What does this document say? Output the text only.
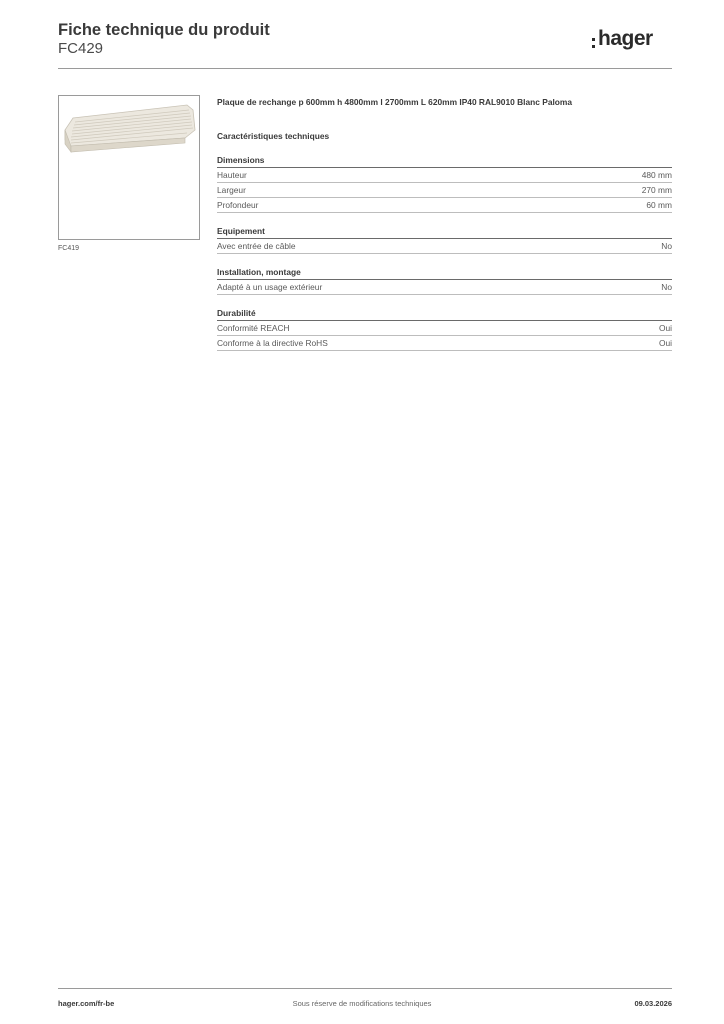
Fiche technique du produit
FC429	hager
FC419
Plaque de rechange p 600mm h 4800mm l 2700mm L 620mm IP40 RAL9010 Blanc Paloma
Caractéristiques techniques
Dimensions
Hauteur	480 mm
Largeur	270 mm
Profondeur	60 mm
Equipement
Avec entrée de câble	No
Installation, montage
Adapté à un usage extérieur	No
Durabilité
Conformité REACH	Oui
Conforme à la directive RoHS	Oui
hager.com/fr-be	Sous réserve de modifications techniques	09.03.2026
